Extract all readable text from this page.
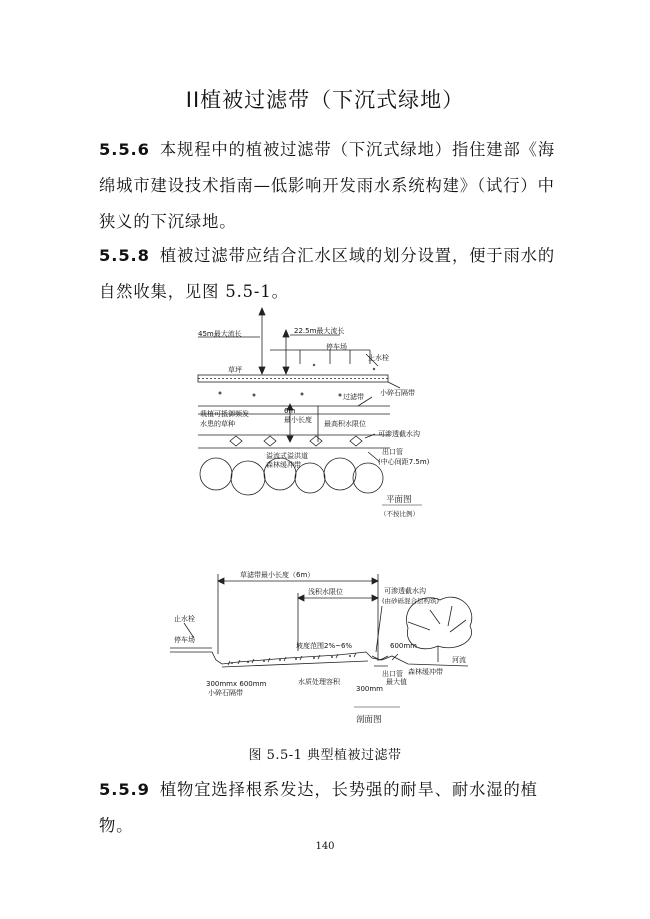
II植被过滤带（下沉式绿地）
5.5.6 本规程中的植被过滤带（下沉式绿地）指住建部《海绵城市建设技术指南—低影响开发雨水系统构建》（试行）中狭义的下沉绿地。
5.5.8 植被过滤带应结合汇水区域的划分设置，便于雨水的自然收集，见图 5.5-1。
45m最大流长	22.5m最大流长
停车场
止水栓
草坪
小碎石隔带
过滤带
栽植可抵御频发
水患的草种
6m
最小长度 最高积水限位
可渗透截水沟
溢流式溢洪道
森林缓冲带
出口管
(中心间距7.5m)
平面图
（不按比例）
草滤带最小长度（6m）
浅积水限位	可渗透截水沟
(由砂砾混合层构筑)
止水栓
停车场
坡度范围2%~6%	600mm
河流
森林缓冲带
水质处理容积
出口管
300mmx 600mm
小碎石隔带	300mm
最大值
剖面图
图 5.5-1 典型植被过滤带
5.5.9 植物宜选择根系发达，长势强的耐旱、耐水湿的植物。
140
